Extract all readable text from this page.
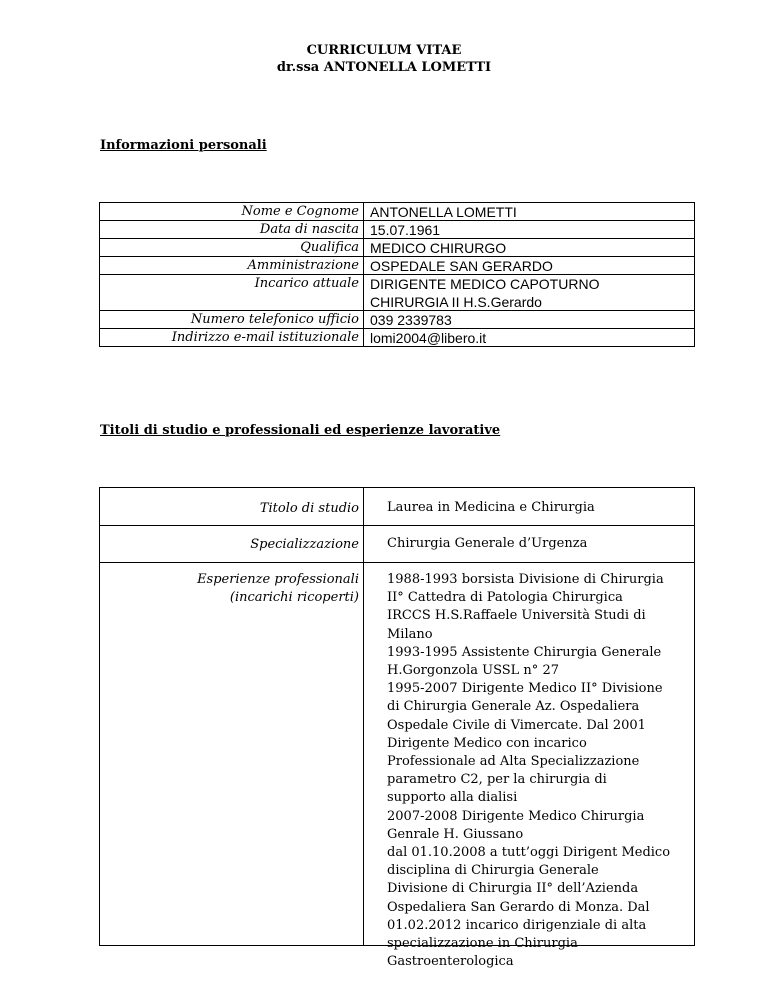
CURRICULUM VITAE
dr.ssa ANTONELLA LOMETTI
Informazioni personali
Nome e Cognome ANTONELLA LOMETTI
Data di nascita 15.07.1961
Qualifica MEDICO CHIRURGO
Amministrazione OSPEDALE SAN GERARDO
Incarico attuale DIRIGENTE MEDICO CAPOTURNO
CHIRURGIA II H.S.Gerardo
Numero telefonico ufficio 039 2339783
Indirizzo e-mail istituzionale lomi2004@libero.it
Titoli di studio e professionali ed esperienze lavorative
Titolo di studio Laurea in Medicina e Chirurgia
Specializzazione Chirurgia Generale d’Urgenza
Esperienze professionali
(incarichi ricoperti)
1988-1993 borsista Divisione di Chirurgia
II° Cattedra di Patologia Chirurgica
IRCCS H.S.Raffaele Università Studi di
Milano
1993-1995 Assistente Chirurgia Generale
H.Gorgonzola USSL n° 27
1995-2007 Dirigente Medico II° Divisione
di Chirurgia Generale Az. Ospedaliera
Ospedale Civile di Vimercate. Dal 2001
Dirigente Medico con incarico
Professionale ad Alta Specializzazione
parametro C2, per la chirurgia di
supporto alla dialisi
2007-2008 Dirigente Medico Chirurgia
Genrale H. Giussano
dal 01.10.2008 a tutt’oggi Dirigent Medico
disciplina di Chirurgia Generale
Divisione di Chirurgia II° dell’Azienda
Ospedaliera San Gerardo di Monza. Dal
01.02.2012 incarico dirigenziale di alta
specializzazione in Chirurgia
Gastroenterologica
